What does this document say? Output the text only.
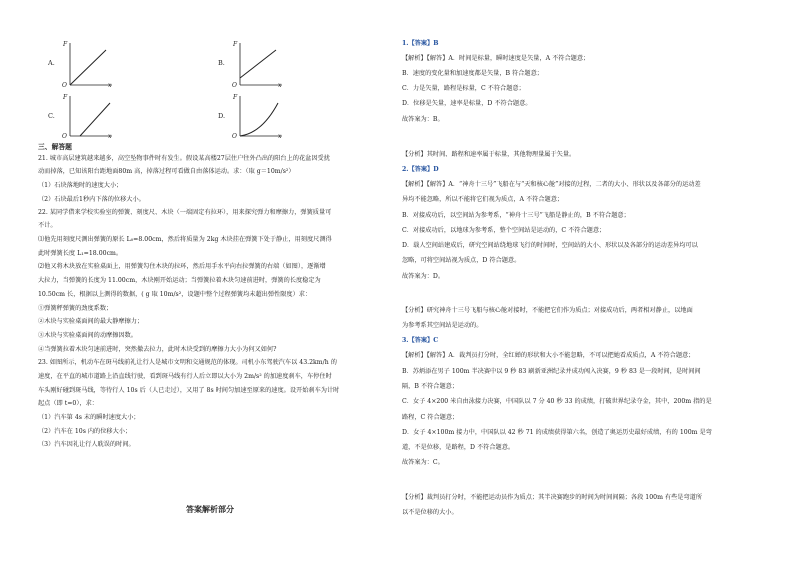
A.
F
O	x
B.
F
O	x
C.
F
O	x
D.
F
O	x
三、解答题
21. 城市高层建筑越来越多，高空坠物事件时有发生。假设某高楼27层住户往外凸出的阳台上的花盆因受扰
动而掉落，已知该阳台距地面80m 高，掉落过程可看做自由落体运动。求：（取 g＝10m/s²）
（1）石块落地时的速度大小；
（2）石块最后1秒内下落的位移大小。
22. 某同学借来学校实验室的弹簧、刻度尺、木块（一端固定有拉环），用来探究弹力和摩擦力，弹簧质量可
不计。
⑴他先用刻度尺测出弹簧的原长 L₀=8.00cm，然后将质量为 2kg 木块挂在弹簧下处于静止，用刻度尺测得
此时弹簧长度 L₁=18.00cm。
⑵他又将木块放在实验桌面上，用弹簧勾住木块的拉环，然后用手水平向右拉弹簧的右端（如图），逐渐增
大拉力，当弹簧的长度为 11.00cm，木块刚开始运动；当弹簧拉着木块匀速前进时，弹簧的长度稳定为
10.50cm 长，根据以上测得的数据，( g 取 10m/s²，设题中整个过程弹簧均未超出弹性限度）求：
①弹簧秤弹簧的劲度系数；
②木块与实验桌面间的最大静摩擦力；
③木块与实验桌面间的动摩擦因数。
④当弹簧拉着木块匀速前进时，突然撤去拉力，此时木块受到的摩擦力大小为何又如何?
23. 如图所示，机动车在斑马线前礼让行人是城市文明和交通规范的体现。司机小东驾驶汽车以 43.2km/h 的
速度，在平直的城市道路上沿直线行驶，看到斑马线有行人后立即以大小为 2m/s² 的加速度刹车，车停住时
车头刚好碰到斑马线，等待行人 10s 后（人已走过），又用了 8s 时间匀加速至原来的速度。设开始刹车为计时
起点（即 t=0），求：
（1）汽车第 4s 末的瞬时速度大小；
（2）汽车在 10s 内的位移大小；
（3）汽车因礼让行人耽误的时间。
答案解析部分
1.【答案】B
【解析】【解答】A．时间是标量，瞬时速度是矢量，A 不符合题意；
B．速度的变化量和加速度都是矢量，B 符合题意；
C．力是矢量，路程是标量，C 不符合题意；
D．位移是矢量，速率是标量，D 不符合题意。
故答案为：B。
【分析】其时间、路程和速率属于标量，其他物理量属于矢量。
2.【答案】D
【解析】【解答】A．“神舟十三号”飞船在与“天和核心舱”对接的过程，二者的大小、形状以及各部分的运动差
异均不能忽略，所以不能将它们视为质点，A 不符合题意；
B．对接成功后，以空间站为参考系，“神舟十三号”飞船是静止的，B 不符合题意；
C．对接成功后，以地球为参考系，整个空间站是运动的，C 不符合题意；
D．载人空间站建成后，研究空间站绕地球飞行的时间时，空间站的大小、形状以及各部分的运动差异均可以
忽略，可将空间站视为质点，D 符合题意。
故答案为：D。
【分析】研究神舟十三号飞船与核心舱对接时，不能把它们作为质点；对接成功后，两者相对静止，以地面
为参考系其空间站是运动的。
3.【答案】C
【解析】【解答】A．裁判员打分时，全红婵的形状和大小不能忽略，不可以把她看成质点，A 不符合题意；
B．苏炳添在男子 100m 半决赛中以 9 秒 83 刷新亚洲纪录并成功闯入决赛，9 秒 83 是一段时间，是时间间
隔，B 不符合题意；
C．女子 4×200 米自由泳接力决赛，中国队以 7 分 40 秒 33 的成绩，打破世界纪录夺金，其中，200m 指的是
路程，C 符合题意；
D．女子 4×100m 接力中，中国队以 42 秒 71 的成绩获得第六名，创造了奥运历史最好成绩，有的 100m 是弯
道，不是位移，是路程，D 不符合题意。
故答案为：C。
【分析】裁判员打分时，不能把运动员作为质点；其半决赛跑步的时间为时间间隔；各段 100m 有些是弯道所
以不是位移的大小。
